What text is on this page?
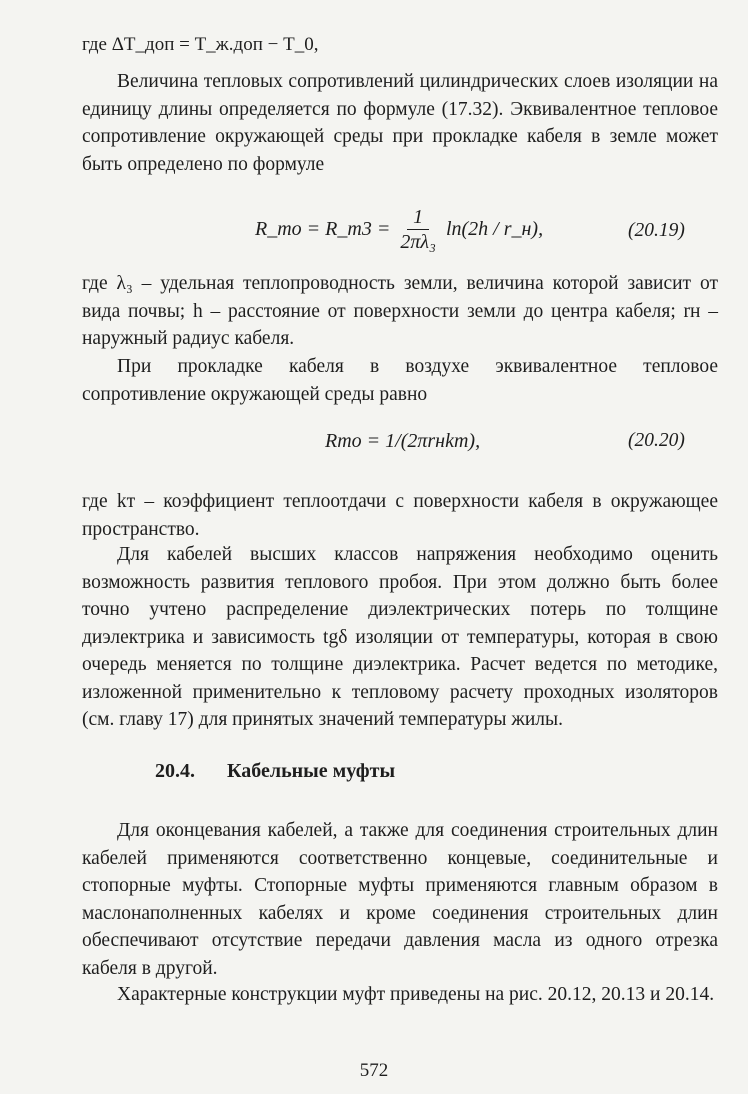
где ΔT_доп = T_ж.доп − T_0,

Величина тепловых сопротивлений цилиндрических слоев изоляции на единицу длины определяется по формуле (17.32). Эквивалентное тепловое сопротивление окружающей среды при прокладке кабеля в земле может быть определено по формуле

R_то = R_т3 = $\frac{1}{\text{2πλ₃}} \ln(2h$ / r_н),	(20.19)

где λ₃ – удельная теплопроводность земли, величина которой зависит от вида почвы; h – расстояние от поверхности земли до центра кабеля; rн – наружный радиус кабеля.

При прокладке кабеля в воздухе эквивалентное тепловое сопротивление окружающей среды равно

Rто = 1/(2πrнkт),	(20.20)

где kт – коэффициент теплоотдачи с поверхности кабеля в окружающее пространство.

Для кабелей высших классов напряжения необходимо оценить возможность развития теплового пробоя. При этом должно быть более точно учтено распределение диэлектрических потерь по толщине диэлектрика и зависимость tgδ изоляции от температуры, которая в свою очередь меняется по толщине диэлектрика. Расчет ведется по методике, изложенной применительно к тепловому расчету проходных изоляторов (см. главу 17) для принятых значений температуры жилы.

20.4. Кабельные муфты

Для оконцевания кабелей, а также для соединения строительных длин кабелей применяются соответственно концевые, соединительные и стопорные муфты. Стопорные муфты применяются главным образом в маслонаполненных кабелях и кроме соединения строительных длин обеспечивают отсутствие передачи давления масла из одного отрезка кабеля в другой.

Характерные конструкции муфт приведены на рис. 20.12, 20.13 и 20.14.

572
